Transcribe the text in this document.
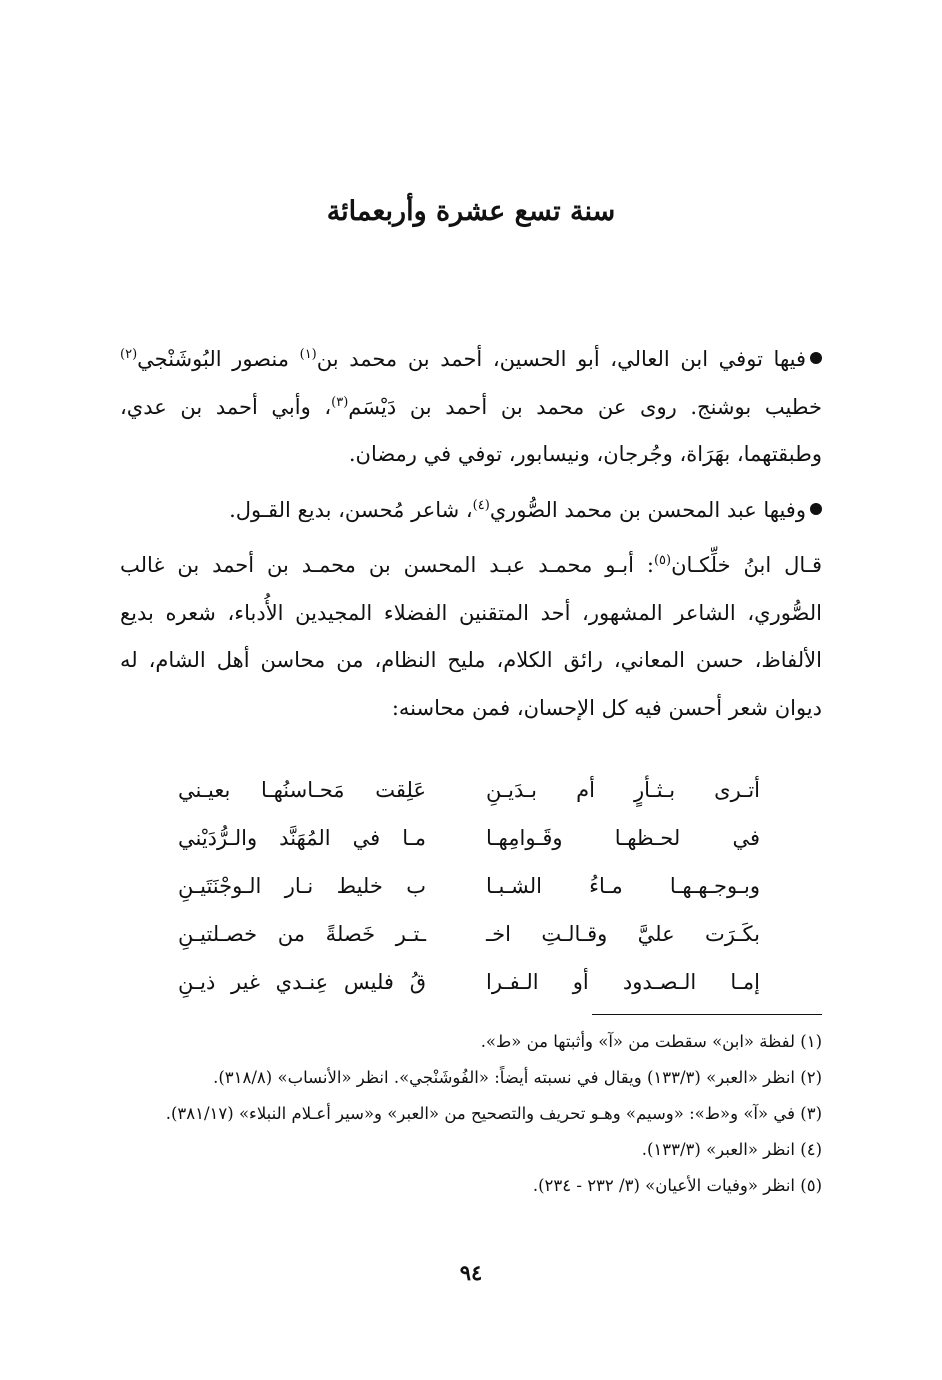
سنة تسع عشرة وأربعمائة

فيها توفي ابن العالي، أبو الحسين، أحمد بن محمد بن$^{(١)}$ منصور البُوشَنْجي$^{(٢)}$ خطيب بوشنج. روى عن محمد بن أحمد بن دَيْسَم$^{(٣)}$، وأبي أحمد بن عدي، وطبقتهما، بهَرَاة، وجُرجان، ونيسابور، توفي في رمضان.

وفيها عبد المحسن بن محمد الصُّوري$^{(٤)}$، شاعر مُحسن، بديع القـول.

قـال ابنُ خلِّكـان$^{(٥)}$: أبـو محمـد عبـد المحسن بن محمـد بن أحمد بن غالب الصُّوري، الشاعر المشهور، أحد المتقنين الفضلاء المجيدين الأُدباء، شعره بديع الألفاظ، حسن المعاني، رائق الكلام، مليح النظام، من محاسن أهل الشام، له ديوان شعر أحسن فيه كل الإحسان، فمن محاسنه:

أتـرى بـثـأرٍ أم بـدَيـنِ
عَلِقت مَحـاسنُهـا بعيـني
في لحـظهـا وقَـوامِهـا
مـا في المُهَنَّد والـرُّدَيْني
وبـوجـهـهـا مـاءُ الشـبـا
ب خليط نـار الـوجْنَتَيـنِ
بكَـرَت عليَّ وقـالـتِ اخـ
ـتـر خَصلةً من خصـلتيـنِ
إمـا الـصـدود أو الـفـرا
قُ فليس عِنـدي غير ذيـنِ

(١) لفظة «ابن» سقطت من «آ» وأثبتها من «ط».

(٢) انظر «العبر» (١٣٣/٣) ويقال في نسبته أيضاً: «الفُوشَنْجي». انظر «الأنساب» (٣١٨/٨).

(٣) في «آ» و«ط»: «وسيم» وهـو تحريف والتصحيح من «العبر» و«سير أعـلام النبلاء» (٣٨١/١٧).

(٤) انظر «العبر» (١٣٣/٣).

(٥) انظر «وفيات الأعيان» (٣/ ٢٣٢ - ٢٣٤).

٩٤
